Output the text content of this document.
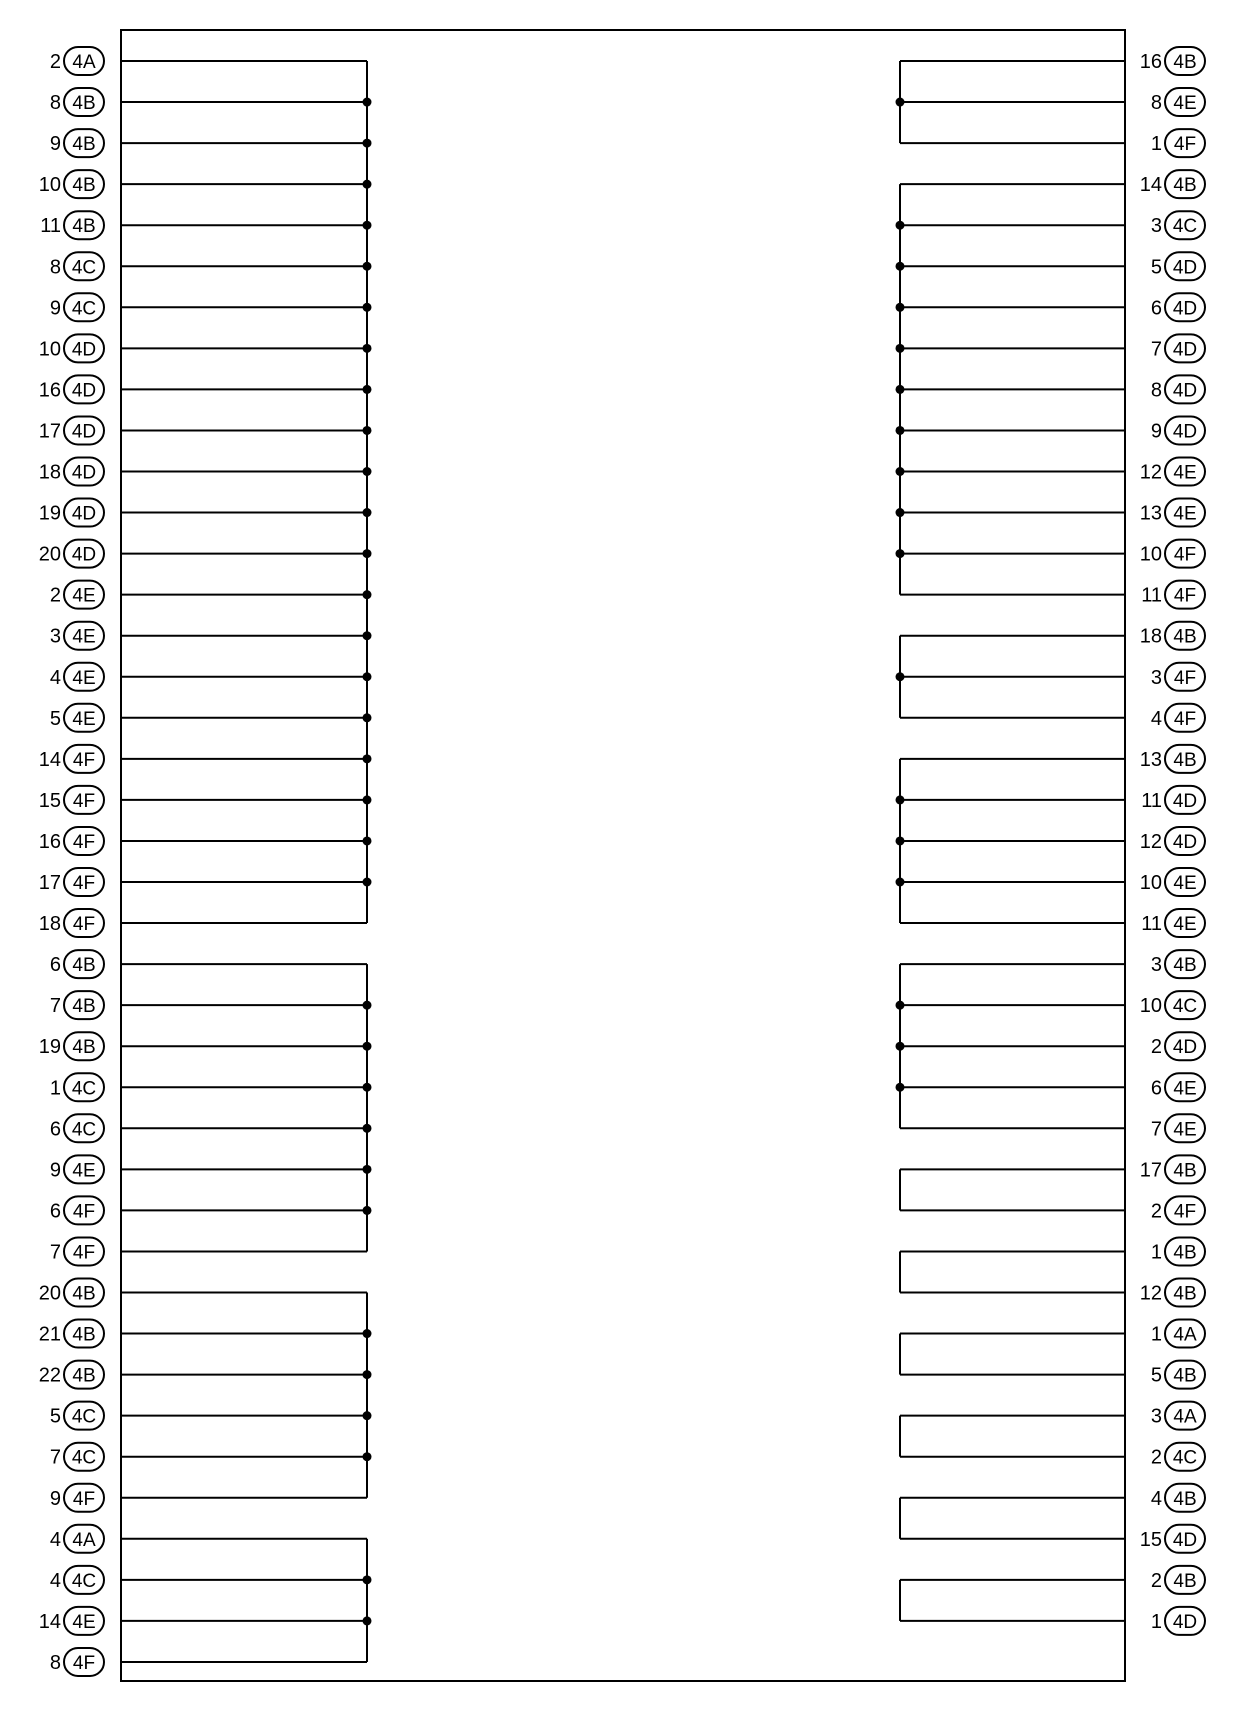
2 4A
8 4B
9 4B
10 4B
11 4B
8 4C
9 4C
10 4D
16 4D
17 4D
18 4D
19 4D
20 4D
2 4E
3 4E
4 4E
5 4E
14 4F
15 4F
16 4F
17 4F
18 4F
6 4B
7 4B
19 4B
1 4C
6 4C
9 4E
6 4F
7 4F
20 4B
21 4B
22 4B
5 4C
7 4C
9 4F
4 4A
4 4C
14 4E
8 4F
16 4B
8 4E
1 4F
14 4B
3 4C
5 4D
6 4D
7 4D
8 4D
9 4D
12 4E
13 4E
10 4F
11 4F
18 4B
3 4F
4 4F
13 4B
11 4D
12 4D
10 4E
11 4E
3 4B
10 4C
2 4D
6 4E
7 4E
17 4B
2 4F
1 4B
12 4B
1 4A
5 4B
3 4A
2 4C
4 4B
15 4D
2 4B
1 4D
